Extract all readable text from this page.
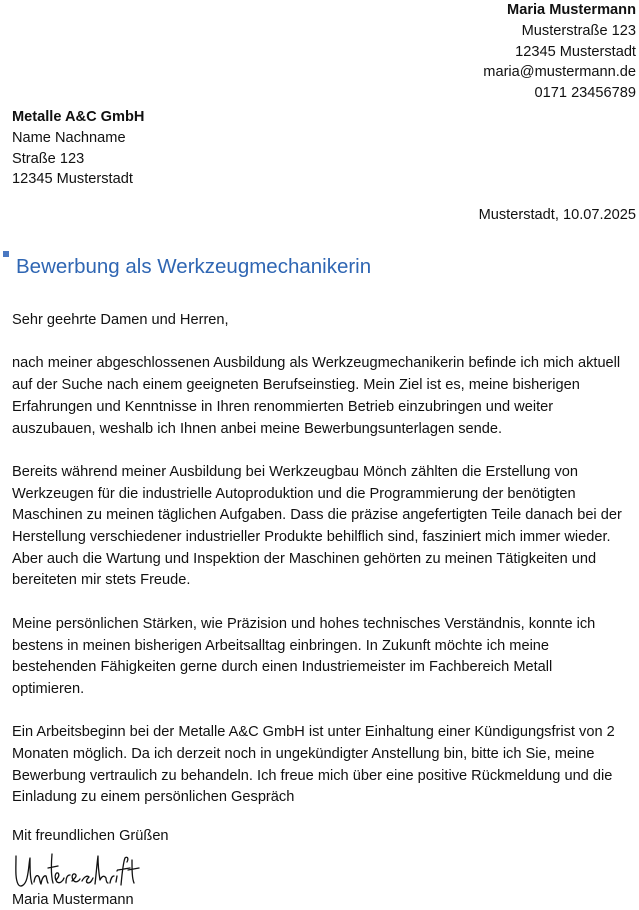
Maria Mustermann
Musterstraße 123
12345 Musterstadt
maria@mustermann.de
0171 23456789
Metalle A&C GmbH
Name Nachname
Straße 123
12345 Musterstadt
Musterstadt, 10.07.2025
Bewerbung als Werkzeugmechanikerin

Sehr geehrte Damen und Herren,

nach meiner abgeschlossenen Ausbildung als Werkzeugmechanikerin befinde ich mich aktuell
auf der Suche nach einem geeigneten Berufseinstieg. Mein Ziel ist es, meine bisherigen
Erfahrungen und Kenntnisse in Ihren renommierten Betrieb einzubringen und weiter
auszubauen, weshalb ich Ihnen anbei meine Bewerbungsunterlagen sende.

Bereits während meiner Ausbildung bei Werkzeugbau Mönch zählten die Erstellung von
Werkzeugen für die industrielle Autoproduktion und die Programmierung der benötigten
Maschinen zu meinen täglichen Aufgaben. Dass die präzise angefertigten Teile danach bei der
Herstellung verschiedener industrieller Produkte behilflich sind, fasziniert mich immer wieder.
Aber auch die Wartung und Inspektion der Maschinen gehörten zu meinen Tätigkeiten und
bereiteten mir stets Freude.

Meine persönlichen Stärken, wie Präzision und hohes technisches Verständnis, konnte ich
bestens in meinen bisherigen Arbeitsalltag einbringen. In Zukunft möchte ich meine
bestehenden Fähigkeiten gerne durch einen Industriemeister im Fachbereich Metall
optimieren.

Ein Arbeitsbeginn bei der Metalle A&C GmbH ist unter Einhaltung einer Kündigungsfrist von 2
Monaten möglich. Da ich derzeit noch in ungekündigter Anstellung bin, bitte ich Sie, meine
Bewerbung vertraulich zu behandeln. Ich freue mich über eine positive Rückmeldung und die
Einladung zu einem persönlichen Gespräch

Mit freundlichen Grüßen
Maria Mustermann
